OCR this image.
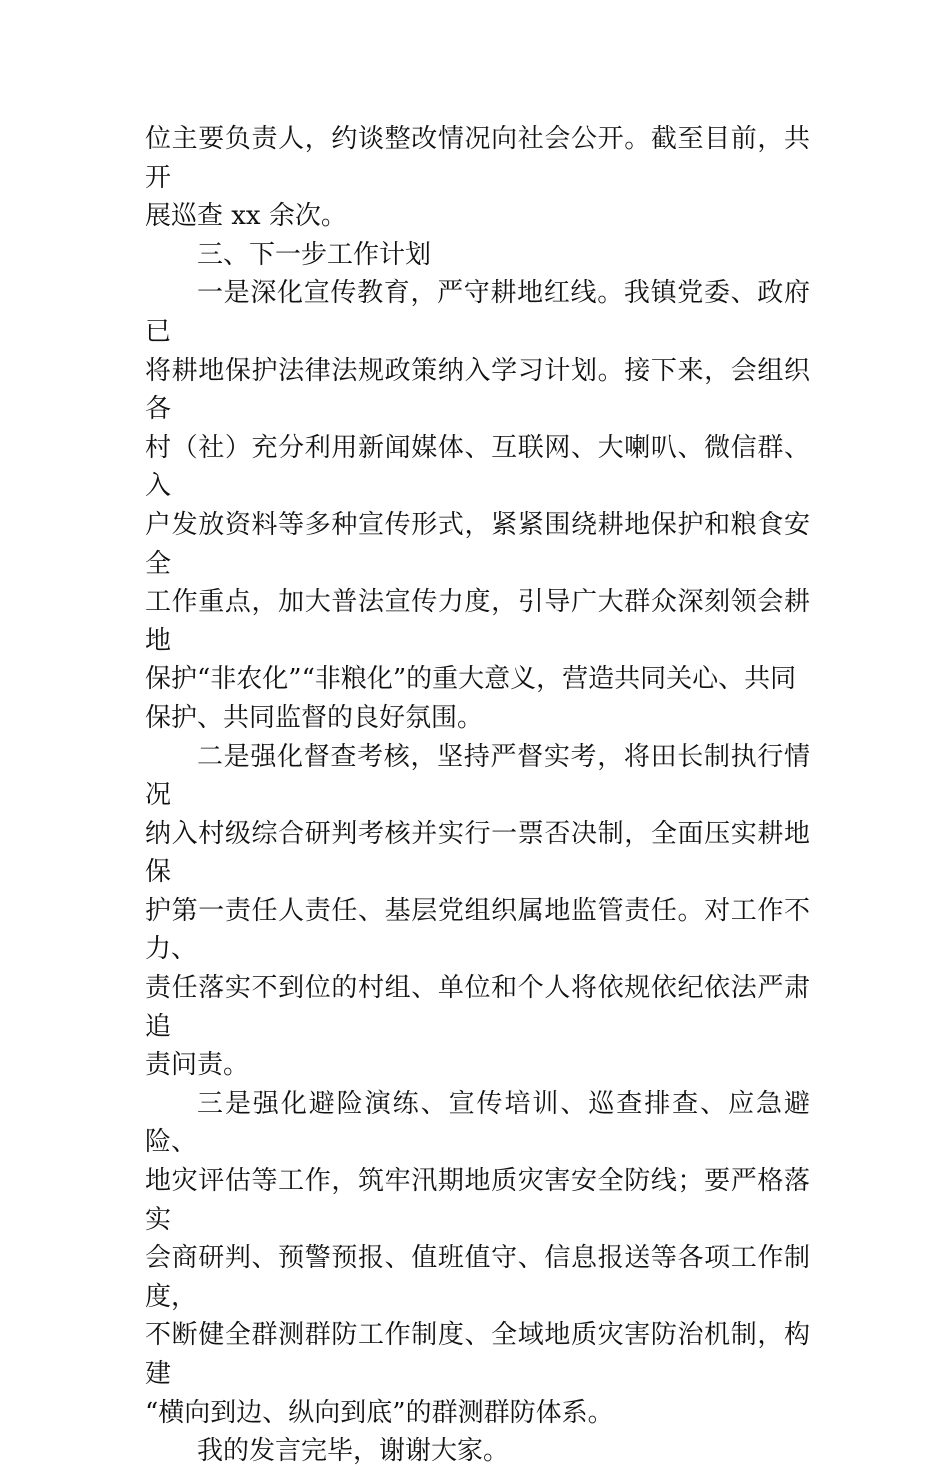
位主要负责人，约谈整改情况向社会公开。截至目前，共开
展巡查 xx 余次。

三、下一步工作计划

一是深化宣传教育，严守耕地红线。我镇党委、政府已
将耕地保护法律法规政策纳入学习计划。接下来，会组织各
村（社）充分利用新闻媒体、互联网、大喇叭、微信群、入
户发放资料等多种宣传形式，紧紧围绕耕地保护和粮食安全
工作重点，加大普法宣传力度，引导广大群众深刻领会耕地
保护“非农化”“非粮化”的重大意义，营造共同关心、共同
保护、共同监督的良好氛围。

二是强化督查考核，坚持严督实考，将田长制执行情况
纳入村级综合研判考核并实行一票否决制，全面压实耕地保
护第一责任人责任、基层党组织属地监管责任。对工作不力、
责任落实不到位的村组、单位和个人将依规依纪依法严肃追
责问责。

三是强化避险演练、宣传培训、巡查排查、应急避险、
地灾评估等工作，筑牢汛期地质灾害安全防线；要严格落实
会商研判、预警预报、值班值守、信息报送等各项工作制度，
不断健全群测群防工作制度、全域地质灾害防治机制，构建
“横向到边、纵向到底”的群测群防体系。

我的发言完毕，谢谢大家。
